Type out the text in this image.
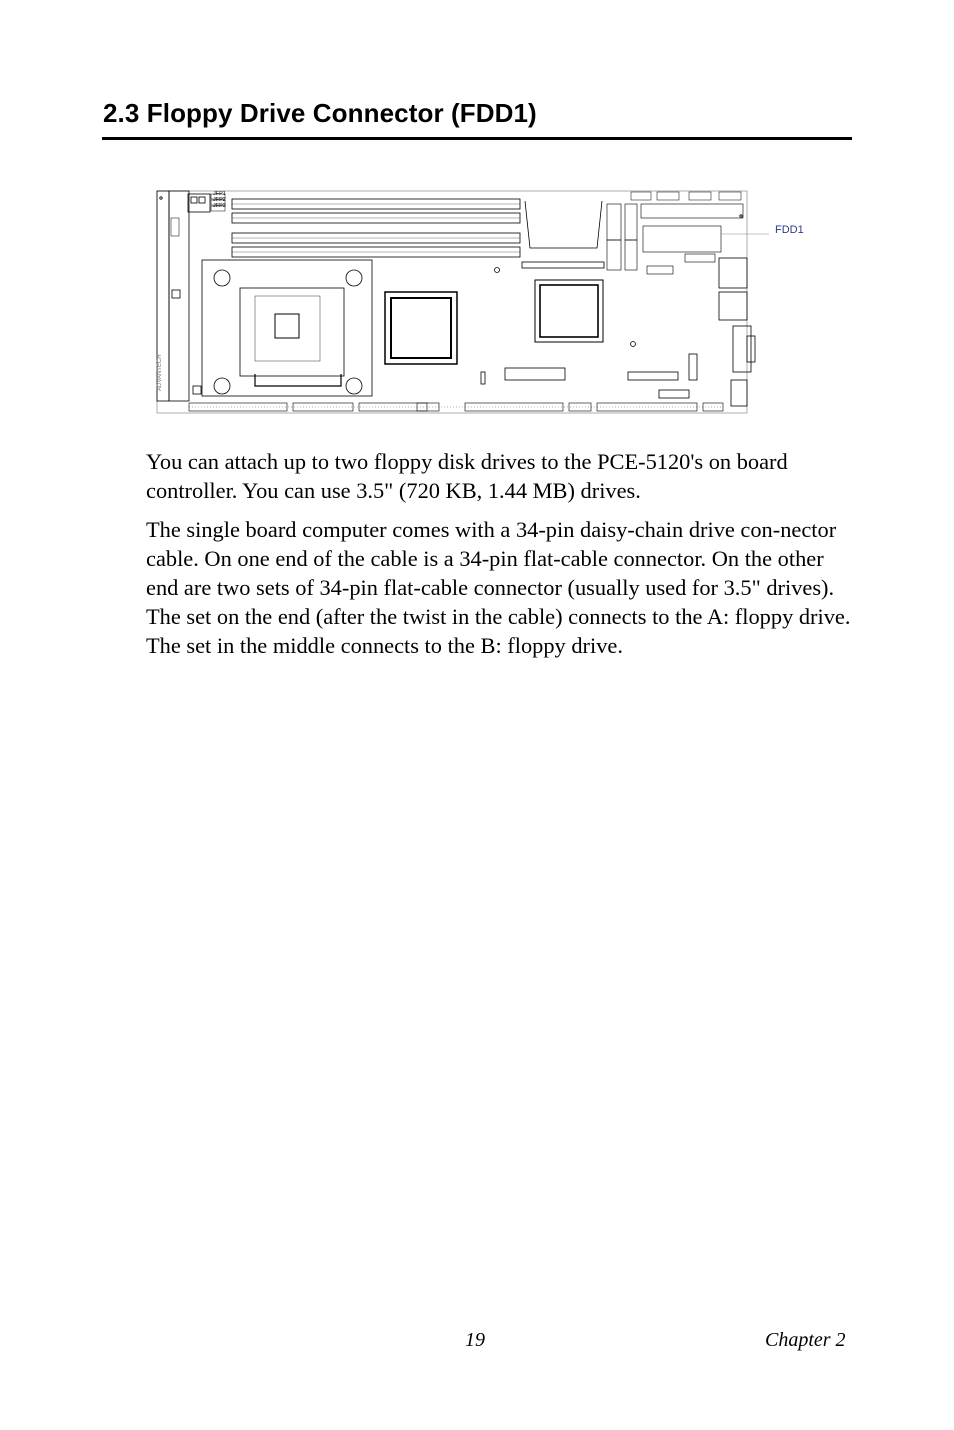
2.3 Floppy Drive Connector (FDD1)
JFP1
JFP2
JFP3
ADVANTECH
FDD1

You can attach up to two floppy disk drives to the PCE-5120's on board controller. You can use 3.5" (720 KB, 1.44 MB) drives.

The single board computer comes with a 34-pin daisy-chain drive con-nector cable. On one end of the cable is a 34-pin flat-cable connector. On the other end are two sets of 34-pin flat-cable connector (usually used for 3.5" drives). The set on the end (after the twist in the cable) connects to the A: floppy drive. The set in the middle connects to the B: floppy drive.

19	Chapter 2
